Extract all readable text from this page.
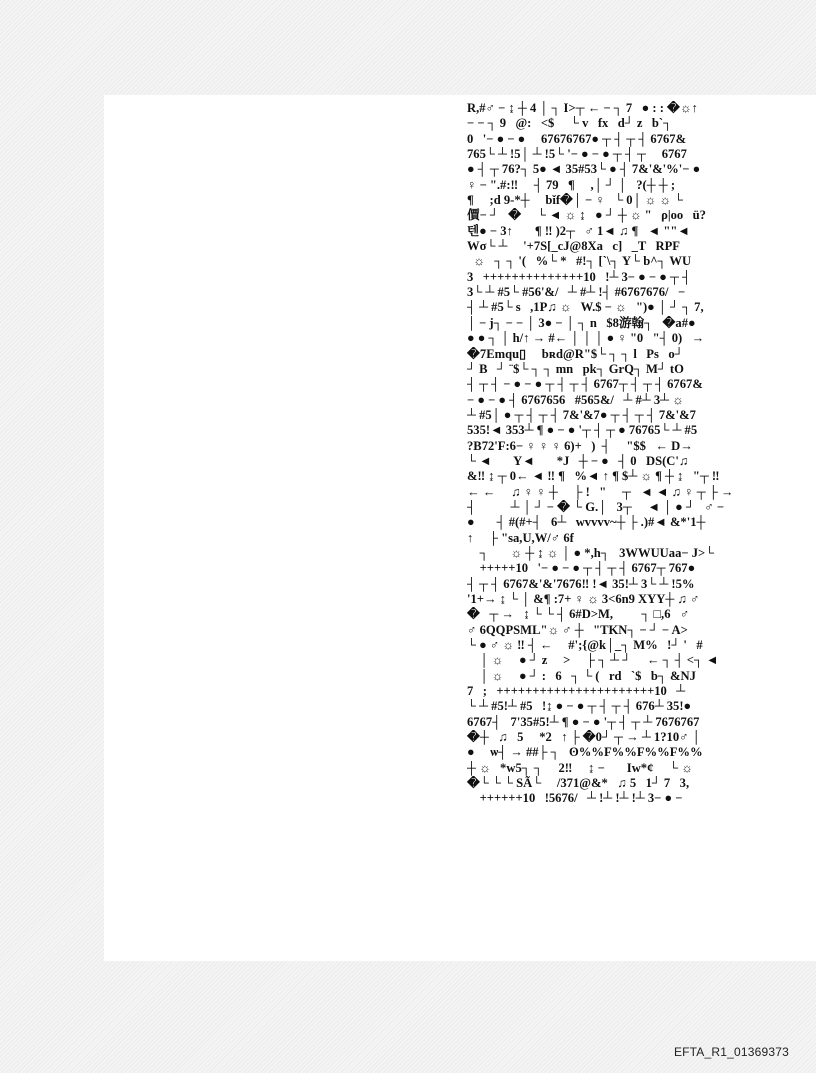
R,#♂ − ↨ ┼ 4 │ ┐ I>┬ ← − ┐ 7   ● : : �☼↑
− − ┐ 9   @:   <$     └ v   fx   d┘ z   b`┐
0   '− ● − ●     67676767● ┬ ┤ ┬ ┤ 6767&
765└ ┴ !5│ ┴ !5└ '− ● − ● ┬ ┤ ┬     6767
● ┤ ┬ 76?┐ 5● ◄ 35#53└ ● ┤ 7&'&'%'− ●
♀ − ".#:‼     ┤ 79   ¶     ,│ ┘ │   ?(┼ ┼ ;
¶     ;d 9-*┼     bǐf�│ − ♀   └ 0│ ☼ ☼ └
價− ┘   �     └ ◄ ☼ ↨   ● ┘ ┼ ☼ "   ρ|oo   ü?
텐● − 3↑       ¶ ‼ )2┬   ♂ 1◄ ♫ ¶   ◄ ""◄
Wσ└ ┴     '+7S[_cJ@8Xa   c]   _T   RPF
☼   ┐ ┐ '(   %└ *   #!┐ [`\┐ Y└ b^┐ WU
3   ++++++++++++++10   !┴ 3− ● − ● ┬ ┤
3└ ┴ #5└ #56'&/   ┴ #┴ !┤ #6767676/   −
┤ ┴ #5└ s   ,1P♫ ☼   W.$ − ☼   ")● │ ┘ ┐ 7,
│ − j┐ − − │ 3● − │ ┐ n   $8游翰┐   �a#●
● ● ┐ │ h/↑ → #← │ │ │ ● ♀ "0   "┤ 0)   →
�7Emqu▯     bʀd@R"$└ ┐ ┐ l   Ps   o┘
┘ B   ┘ ¨$└ ┐ ┐ mn   pk┐ GrQ┐ M┘ tO
┤ ┬ ┤ − ● − ● ┬ ┤ ┬ ┤ 6767┬ ┤ ┬ ┤ 6767&
− ● − ● ┤ 6767656   #565&/   ┴ #┴ 3┴ ☼
┴ #5│ ● ┬ ┤ ┬ ┤ 7&'&7● ┬ ┤ ┬ ┤ 7&'&7
535!◄ 353┴ ¶ ● − ● '┬ ┤ ┬ ● 76765└ ┴ #5
?B72'F:6− ♀ ♀ ♀ 6)+   )  ┤     "$$   ← D→
└ ◄       Y◄       *J   ┼ − ●   ┤ 0   DS(C'♫
&‼ ↨ ┬ 0← ◄ ‼ ¶   %◄ ↑ ¶ $┴ ☼ ¶ ┼ ↨   "┬ ‼
← ←     ♫ ♀ ♀ ┼     ├ !   "     ┬   ◄ ◄ ♫ ♀ ┬ ├ →
┤           ┴ │ ┘ − � └ G.│   3┬     ◄ │ ● ┘   ♂ −
●       ┤ #(#+┤   6┴   wvvvv~┼ ├ .)#◄ &*'1┼
↑     ├ "sa,U,W/♂ 6f
┐       ☼ ┼ ↨ ☼ │ ● *,h┐   3WWUUaa− J>└
+++++10   '− ● − ● ┬ ┤ ┬ ┤ 6767┬ 767●
┤ ┬ ┤ 6767&'&'7676‼ !◄ 35!┴ 3└ ┴ !5%
'1+→ ↨ └ │ &¶ :7+ ♀ ☼ 3<6n9 XYY┼ ♫ ♂
�   ┬ →   ↨ └ └ ┤ 6#D>M,         ┐ □,6   ♂
♂ 6QQPSML"☼ ♂ ┼   "TKN┐ − ┘ − A>
└ ● ♂ ☼ ‼ ┤ ←     #';{@k│_┐ M%   !┘ '   #
│ ☼     ● ┘ z     >     ├ ┐ ┴ ┘     ← ┐ ┤ <┐ ◄
│ ☼     ● ┘ :   6   ┐ └ (   rd   `$   b┐ &NJ
7   ;   ++++++++++++++++++++++10   ┴
└ ┴ #5!┴ #5   !↨ ● − ● ┬ ┤ ┬ ┤ 676┴ 35!●
6767┤   7'35#5!┴ ¶ ● − ● '┬ ┤ ┬ ┴ 7676767
�┼   ♫   5     *2   ↑ ├ �0┘ ┬ → ┴ 1?10♂ │
●     ѡ┤ → ##├ ┐   ʘ%%F%%F%%F%%
┼ ☼   *w5┐ ┐     2‼     ↨ −       Iw*¢     └ ☼
�└ └ └ SÃ└     /371@&*   ♫ 5   1┘ 7   3,
++++++10   !5676/   ┴ !┴ !┴ !┴ 3− ● −
EFTA_R1_01369373
